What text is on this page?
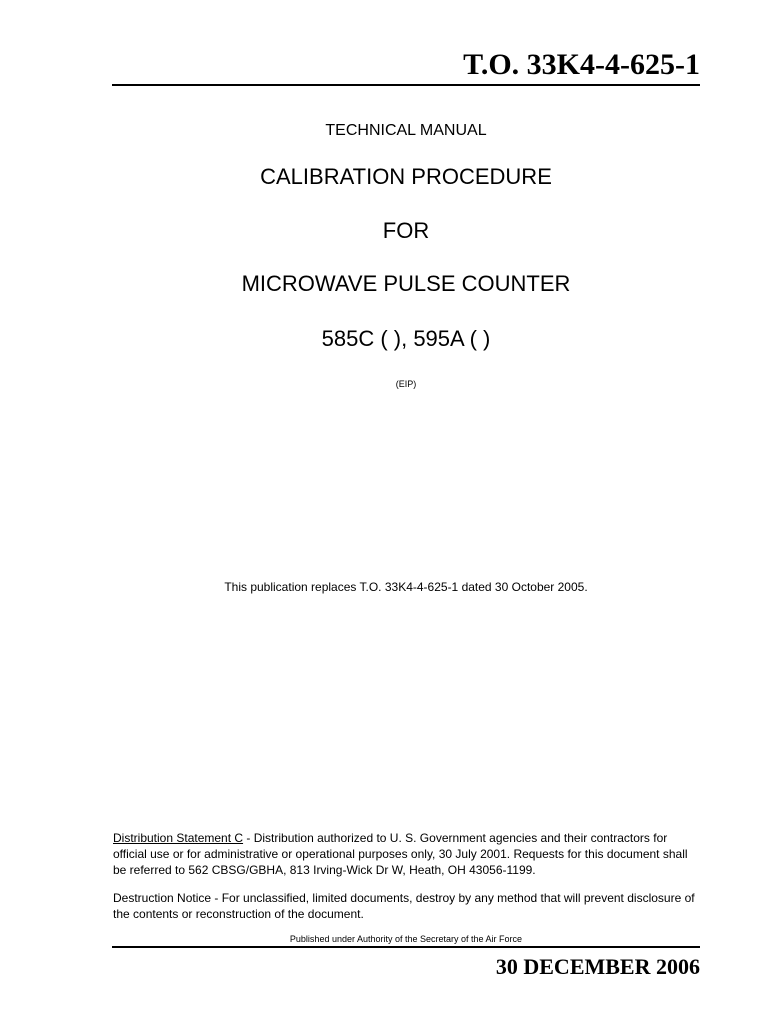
T.O. 33K4-4-625-1
TECHNICAL MANUAL
CALIBRATION PROCEDURE
FOR
MICROWAVE PULSE COUNTER
585C ( ), 595A ( )
(EIP)
This publication replaces T.O. 33K4-4-625-1 dated 30 October 2005.
Distribution Statement C - Distribution authorized to U. S. Government agencies and their contractors for official use or for administrative or operational purposes only, 30 July 2001. Requests for this document shall be referred to 562 CBSG/GBHA, 813 Irving-Wick Dr W, Heath, OH 43056-1199.
Destruction Notice - For unclassified, limited documents, destroy by any method that will prevent disclosure of the contents or reconstruction of the document.
Published under Authority of the Secretary of the Air Force
30 DECEMBER 2006
